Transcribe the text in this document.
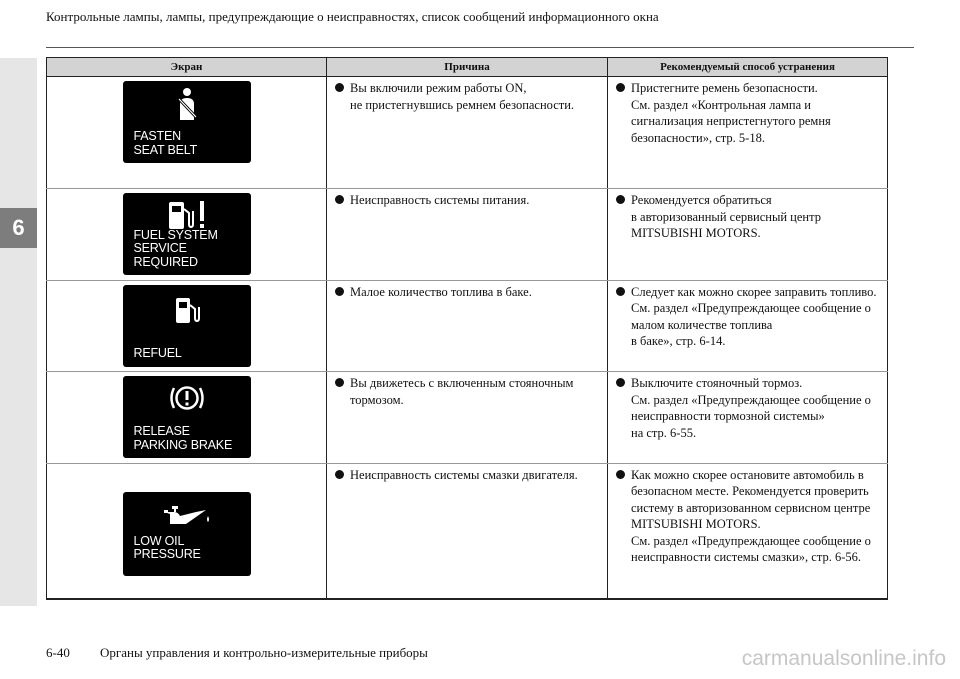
6
Контрольные лампы, лампы, предупреждающие о неисправностях, список сообщений информационного окна
Экран	Причина	Рекомендуемый способ устранения

FASTEN
SEAT BELT	Вы включили режим работы ON,
не пристегнувшись ремнем безопасности.	Пристегните ремень безопасности.
См. раздел «Контрольная лампа и сигнализация непристегнутого ремня безопасности», стр. 5-18.

FUEL SYSTEM
SERVICE REQUIRED	Неисправность системы питания.	Рекомендуется обратиться
в авторизованный сервисный центр MITSUBISHI MOTORS.

REFUEL	Малое количество топлива в баке.	Следует как можно скорее заправить топливо. См. раздел «Предупреждающее сообщение о малом количестве топлива
в баке», стр. 6-14.

RELEASE
PARKING BRAKE	Вы движетесь с включенным стояночным тормозом.	Выключите стояночный тормоз.
См. раздел «Предупреждающее сообщение о неисправности тормозной системы»
на стр. 6-55.

LOW OIL PRESSURE	Неисправность системы смазки двигателя.	Как можно скорее остановите автомобиль в безопасном месте. Рекомендуется проверить систему в авторизованном сервисном центре MITSUBISHI MOTORS.
См. раздел «Предупреждающее сообщение о неисправности системы смазки», стр. 6-56.
6-40 Органы управления и контрольно-измерительные приборы	carmanualsonline.info
